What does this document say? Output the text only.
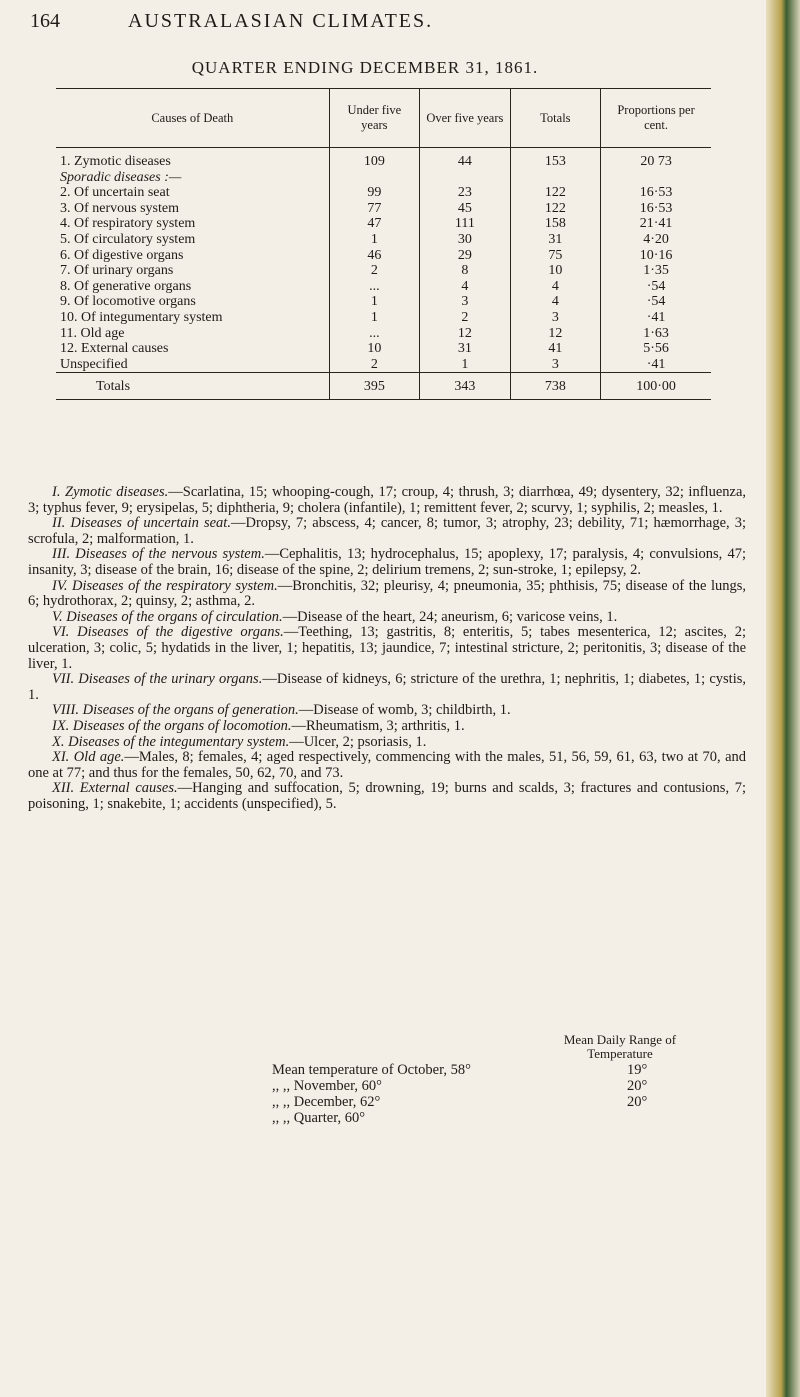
164	AUSTRALASIAN CLIMATES.
QUARTER ENDING DECEMBER 31, 1861.
Causes of Death	Under five years	Over five years	Totals	Proportions per cent.
1. Zymotic diseases	109	44	153	20 73
Sporadic diseases :—				
2. Of uncertain seat	99	23	122	16·53
3. Of nervous system	77	45	122	16·53
4. Of respiratory system	47	111	158	21·41
5. Of circulatory system	1	30	31	4·20
6. Of digestive organs	46	29	75	10·16
7. Of urinary organs	2	8	10	1·35
8. Of generative organs	...	4	4	·54
9. Of locomotive organs	1	3	4	·54
10. Of integumentary system	1	2	3	·41
11. Old age	...	12	12	1·63
12. External causes	10	31	41	5·56
Unspecified	2	1	3	·41
Totals	395	343	738	100·00

I. Zymotic diseases.—Scarlatina, 15; whooping-cough, 17; croup, 4; thrush, 3; diarrhœa, 49; dysentery, 32; influenza, 3; typhus fever, 9; erysipelas, 5; diphtheria, 9; cholera (infantile), 1; remittent fever, 2; scurvy, 1; syphilis, 2; measles, 1.

II. Diseases of uncertain seat.—Dropsy, 7; abscess, 4; cancer, 8; tumor, 3; atrophy, 23; debility, 71; hæmorrhage, 3; scrofula, 2; malformation, 1.

III. Diseases of the nervous system.—Cephalitis, 13; hydrocephalus, 15; apoplexy, 17; paralysis, 4; convulsions, 47; insanity, 3; disease of the brain, 16; disease of the spine, 2; delirium tremens, 2; sun-stroke, 1; epilepsy, 2.

IV. Diseases of the respiratory system.—Bronchitis, 32; pleurisy, 4; pneumonia, 35; phthisis, 75; disease of the lungs, 6; hydrothorax, 2; quinsy, 2; asthma, 2.

V. Diseases of the organs of circulation.—Disease of the heart, 24; aneurism, 6; varicose veins, 1.

VI. Diseases of the digestive organs.—Teething, 13; gastritis, 8; enteritis, 5; tabes mesenterica, 12; ascites, 2; ulceration, 3; colic, 5; hydatids in the liver, 1; hepatitis, 13; jaundice, 7; intestinal stricture, 2; peritonitis, 3; disease of the liver, 1.

VII. Diseases of the urinary organs.—Disease of kidneys, 6; stricture of the urethra, 1; nephritis, 1; diabetes, 1; cystis, 1.

VIII. Diseases of the organs of generation.—Disease of womb, 3; childbirth, 1.

IX. Diseases of the organs of locomotion.—Rheumatism, 3; arthritis, 1.

X. Diseases of the integumentary system.—Ulcer, 2; psoriasis, 1.

XI. Old age.—Males, 8; females, 4; aged respectively, commencing with the males, 51, 56, 59, 61, 63, two at 70, and one at 77; and thus for the females, 50, 62, 70, and 73.

XII. External causes.—Hanging and suffocation, 5; drowning, 19; burns and scalds, 3; fractures and contusions, 7; poisoning, 1; snakebite, 1; accidents (unspecified), 5.

Mean Daily Range of Temperature
Mean temperature of October, 58°	19°
,, ,, November, 60°	20°
,, ,, December, 62°	20°
,, ,, Quarter, 60°
